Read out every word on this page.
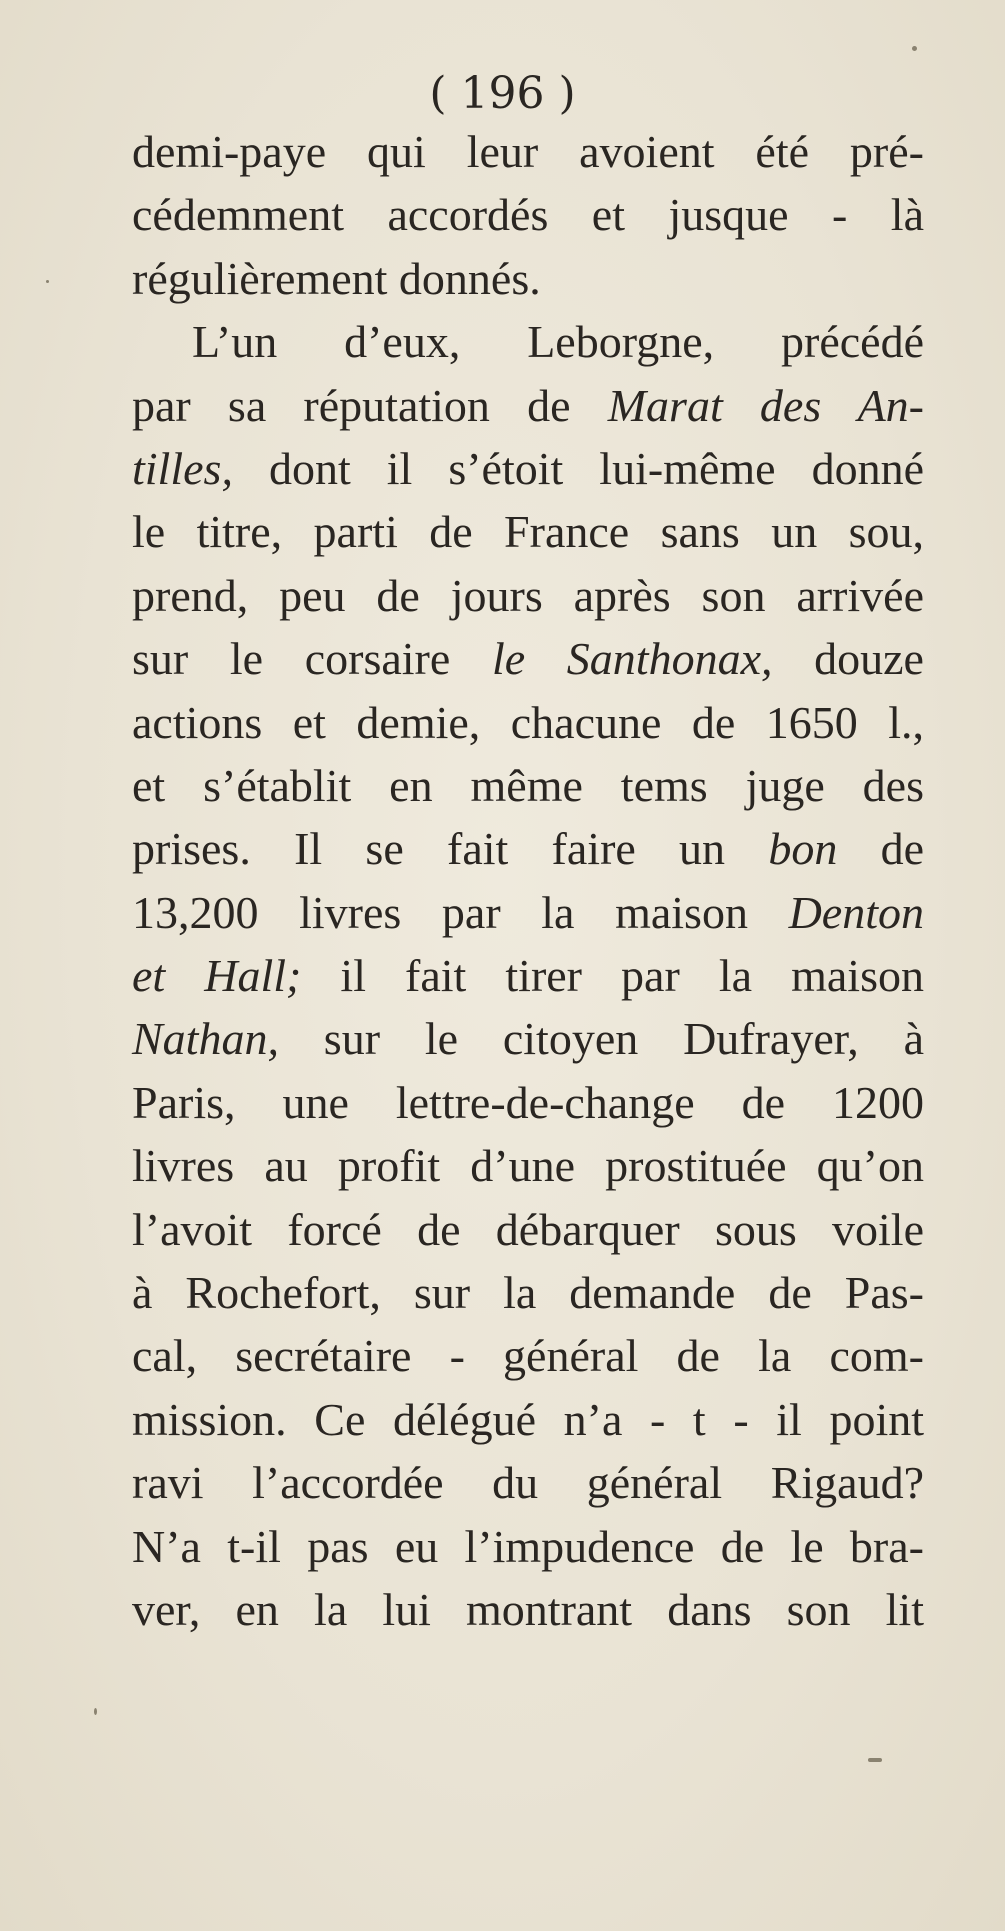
( 196 )
demi-paye qui leur avoient été pré-
cédemment accordés et jusque - là
régulièrement donnés.
L’un d’eux, Leborgne, précédé
par sa réputation de Marat des An-
tilles, dont il s’étoit lui-même donné
le titre, parti de France sans un sou,
prend, peu de jours après son arrivée
sur le corsaire le Santhonax, douze
actions et demie, chacune de 1650 l.,
et s’établit en même tems juge des
prises. Il se fait faire un bon de
13,200 livres par la maison Denton
et Hall; il fait tirer par la maison
Nathan, sur le citoyen Dufrayer, à
Paris, une lettre-de-change de 1200
livres au profit d’une prostituée qu’on
l’avoit forcé de débarquer sous voile
à Rochefort, sur la demande de Pas-
cal, secrétaire - général de la com-
mission. Ce délégué n’a - t - il point
ravi l’accordée du général Rigaud?
N’a t-il pas eu l’impudence de le bra-
ver, en la lui montrant dans son lit
